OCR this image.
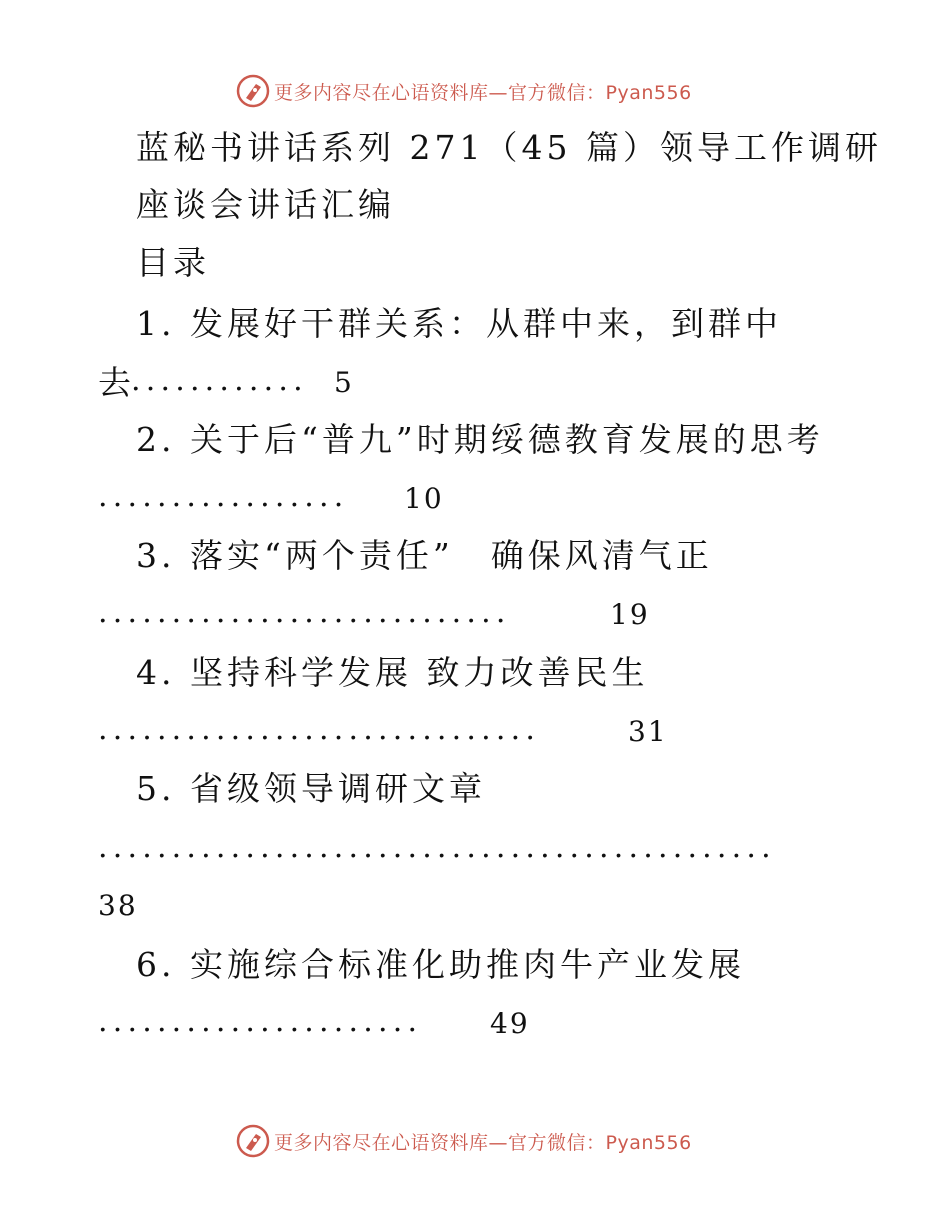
更多内容尽在心语资料库—官方微信：Pyan556
蓝秘书讲话系列 271（45 篇）领导工作调研
座谈会讲话汇编
目录
1. 发展好干群关系：从群中来，到群中
去
............ 5
2. 关于后“普九”时期绥德教育发展的思考
................. 10
3. 落实“两个责任”　确保风清气正
............................	19
4. 坚持科学发展 致力改善民生
..............................	31
5. 省级领导调研文章
..............................................
38
6. 实施综合标准化助推肉牛产业发展
...................... 49
更多内容尽在心语资料库—官方微信：Pyan556
